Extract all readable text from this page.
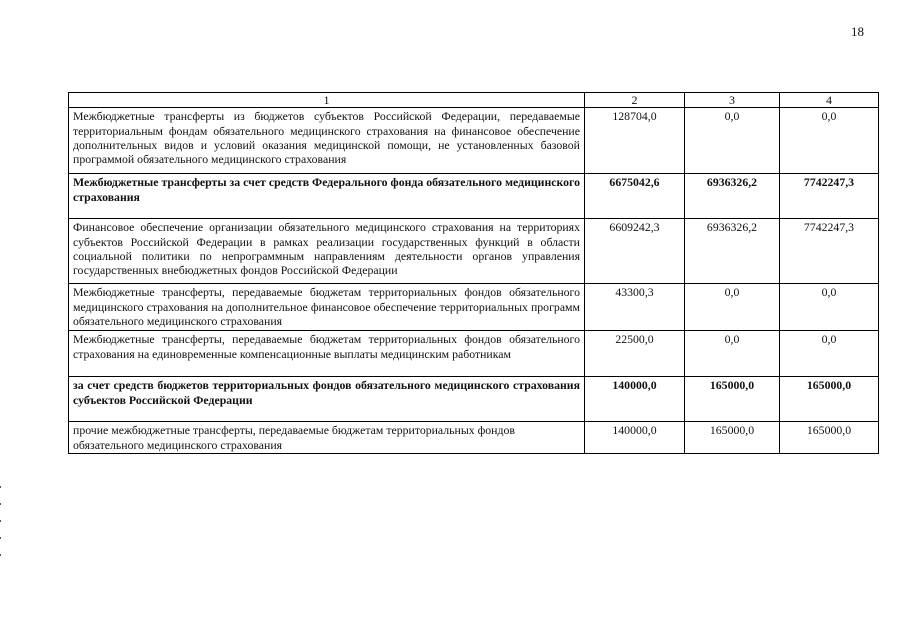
18
1	2	3	4
Межбюджетные трансферты из бюджетов субъектов Российской Федерации, передаваемые территориальным фондам обязательного медицинского страхования на финансовое обеспечение дополнительных видов и условий оказания медицинской помощи, не установленных базовой программой обязательного медицинского страхования	128704,0	0,0	0,0
Межбюджетные трансферты за счет средств Федерального фонда обязательного медицинского страхования	6675042,6	6936326,2	7742247,3
Финансовое обеспечение организации обязательного медицинского страхования на территориях субъектов Российской Федерации в рамках реализации государственных функций в области социальной политики по непрограммным направлениям деятельности органов управления государственных внебюджетных фондов Российской Федерации	6609242,3	6936326,2	7742247,3
Межбюджетные трансферты, передаваемые бюджетам территориальных фондов обязательного медицинского страхования на дополнительное финансовое обеспечение территориальных программ обязательного медицинского страхования	43300,3	0,0	0,0
Межбюджетные трансферты, передаваемые бюджетам территориальных фондов обязательного страхования на единовременные компенсационные выплаты медицинским работникам	22500,0	0,0	0,0
за счет средств бюджетов территориальных фондов обязательного медицинского страхования субъектов Российской Федерации	140000,0	165000,0	165000,0
прочие межбюджетные трансферты, передаваемые бюджетам территориальных фондов обязательного медицинского страхования	140000,0	165000,0	165000,0
